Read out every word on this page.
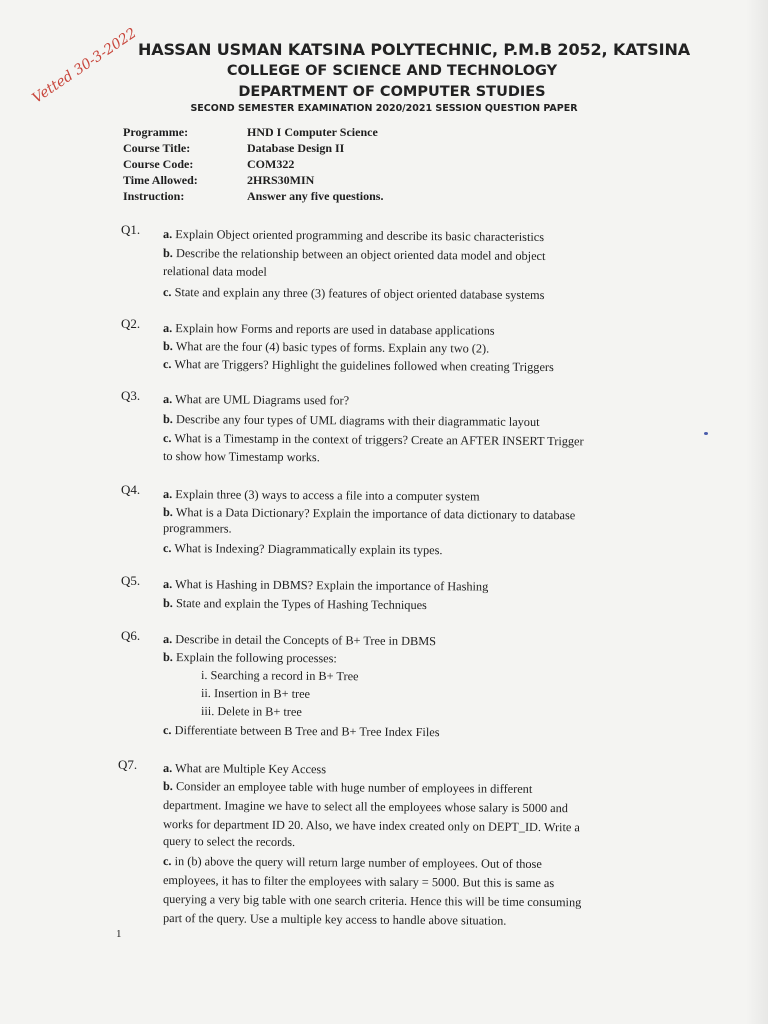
HASSAN USMAN KATSINA POLYTECHNIC, P.M.B 2052, KATSINA
COLLEGE OF SCIENCE AND TECHNOLOGY
DEPARTMENT OF COMPUTER STUDIES
SECOND SEMESTER EXAMINATION 2020/2021 SESSION QUESTION PAPER
Vetted 30-3-2022
Programme:	HND I Computer Science
Course Title:	Database Design II
Course Code:	COM322
Time Allowed:	2HRS30MIN
Instruction:	Answer any five questions.
Q1. a. Explain Object oriented programming and describe its basic characteristics
b. Describe the relationship between an object oriented data model and object
relational data model
c. State and explain any three (3) features of object oriented database systems
Q2. a. Explain how Forms and reports are used in database applications
b. What are the four (4) basic types of forms. Explain any two (2).
c. What are Triggers? Highlight the guidelines followed when creating Triggers
Q3. a. What are UML Diagrams used for?
b. Describe any four types of UML diagrams with their diagrammatic layout
c. What is a Timestamp in the context of triggers? Create an AFTER INSERT Trigger
to show how Timestamp works.
Q4. a. Explain three (3) ways to access a file into a computer system
b. What is a Data Dictionary? Explain the importance of data dictionary to database
programmers.
c. What is Indexing? Diagrammatically explain its types.
Q5. a. What is Hashing in DBMS? Explain the importance of Hashing
b. State and explain the Types of Hashing Techniques
Q6. a. Describe in detail the Concepts of B+ Tree in DBMS
b. Explain the following processes:
i. Searching a record in B+ Tree
ii. Insertion in B+ tree
iii. Delete in B+ tree
c. Differentiate between B Tree and B+ Tree Index Files
Q7. a. What are Multiple Key Access
b. Consider an employee table with huge number of employees in different
department. Imagine we have to select all the employees whose salary is 5000 and
works for department ID 20. Also, we have index created only on DEPT_ID. Write a
query to select the records.
c. in (b) above the query will return large number of employees. Out of those
employees, it has to filter the employees with salary = 5000. But this is same as
querying a very big table with one search criteria. Hence this will be time consuming
part of the query. Use a multiple key access to handle above situation.
1
